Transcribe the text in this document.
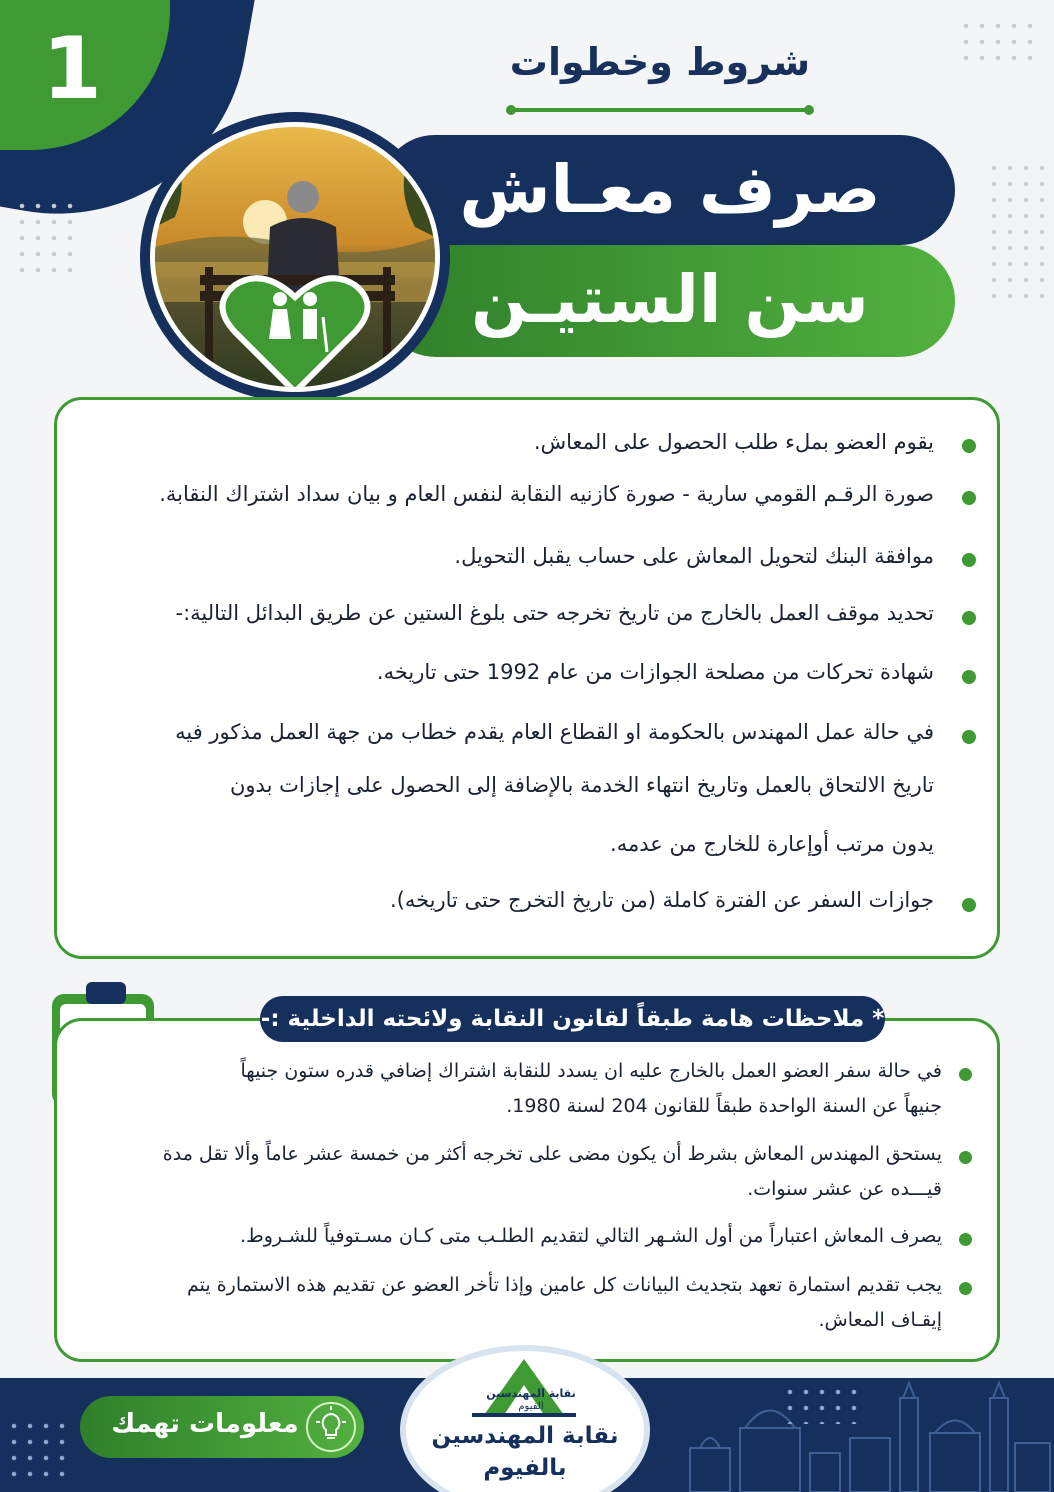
1	شروط وخطوات
صرف معـاش
سن الستيـن
يقوم العضو بملء طلب الحصول على المعاش.
صورة الرقـم القومي سارية - صورة كازنيه النقابة لنفس العام و بيان سداد اشتراك النقابة.
موافقة البنك لتحويل المعاش على حساب يقبل التحويل.
تحديد موقف العمل بالخارج من تاريخ تخرجه حتى بلوغ الستين عن طريق البدائل التالية:-
شهادة تحركات من مصلحة الجوازات من عام 1992 حتى تاريخه.
في حالة عمل المهندس بالحكومة او القطاع العام يقدم خطاب من جهة العمل مذكور فيه
تاريخ الالتحاق بالعمل وتاريخ انتهاء الخدمة بالإضافة إلى الحصول على إجازات بدون
يدون مرتب أوإعارة للخارج من عدمه.
جوازات السفر عن الفترة كاملة (من تاريخ التخرج حتى تاريخه).
* ملاحظات هامة طبقاً لقانون النقابة ولائحته الداخلية :-
في حالة سفر العضو العمل بالخارج عليه ان يسدد للنقابة اشتراك إضافي قدره ستون جنيهاً
جنيهاً عن السنة الواحدة طبقاً للقانون 204 لسنة 1980.
يستحق المهندس المعاش بشرط أن يكون مضى على تخرجه أكثر من خمسة عشر عاماً وألا تقل مدة
قيـــده عن عشر سنوات.
يصرف المعاش اعتباراً من أول الشـهر التالي لتقديم الطلـب متى كـان مسـتوفياً للشـروط.
يجب تقديم استمارة تعهد بتجديث البيانات كل عامين وإذا تأخر العضو عن تقديم هذه الاستمارة يتم
إيقـاف المعاش.
معلومات تهمك
نقابة المهندسين
الفيوم
نقابة المهندسين
بالفيوم
